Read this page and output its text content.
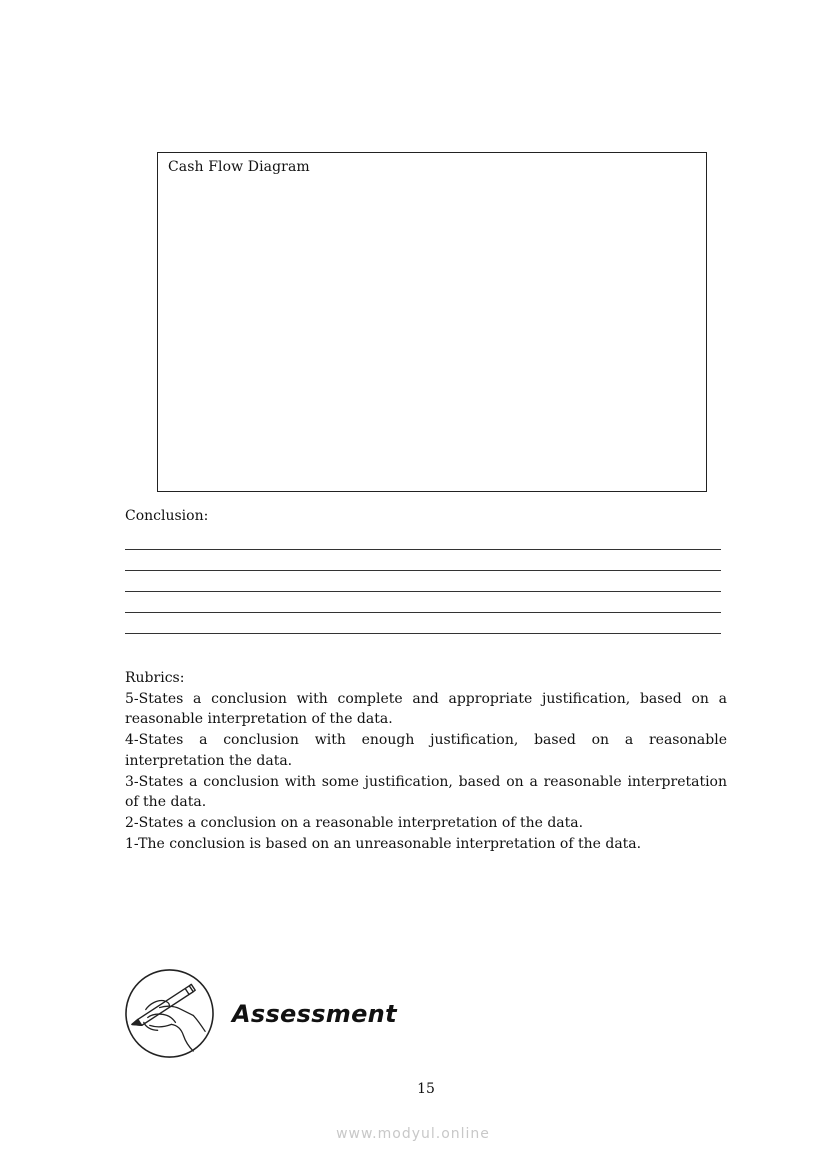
Cash Flow Diagram
Conclusion:

Rubrics:

5-States a conclusion with complete and appropriate justification, based on a reasonable interpretation of the data.

4-States a conclusion with enough justification, based on a reasonable interpretation the data.

3-States a conclusion with some justification, based on a reasonable interpretation of the data.

2-States a conclusion on a reasonable interpretation of the data.

1-The conclusion is based on an unreasonable interpretation of the data.

Assessment
15
www.modyul.online
